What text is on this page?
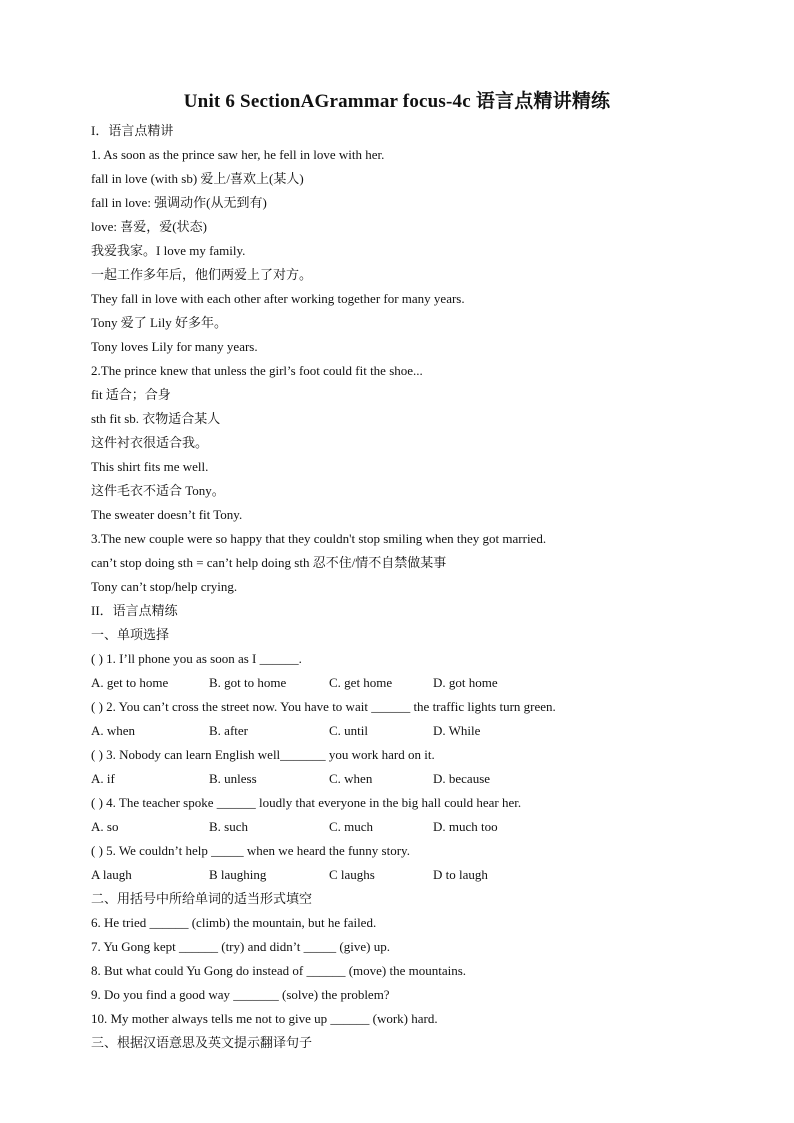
Unit 6 SectionAGrammar focus-4c 语言点精讲精练
I．语言点精讲
1. As soon as the prince saw her, he fell in love with her.
fall in love (with sb) 爱上/喜欢上(某人)
fall in love: 强调动作(从无到有)
love: 喜爱，爱(状态)
我爱我家。I love my family.
一起工作多年后，他们两爱上了对方。
They fall in love with each other after working together for many years.
Tony 爱了 Lily 好多年。
Tony loves Lily for many years.
2.The prince knew that unless the girl’s foot could fit the shoe...
fit 适合；合身
sth fit sb. 衣物适合某人
这件衬衣很适合我。
This shirt fits me well.
这件毛衣不适合 Tony。
The sweater doesn’t fit Tony.
3.The new couple were so happy that they couldn't stop smiling when they got married.
can’t stop doing sth = can’t help doing sth 忍不住/情不自禁做某事
Tony can’t stop/help crying.
II．语言点精练
一、单项选择
( ) 1. I’ll phone you as soon as I ______.
A. get to home	B. got to home	C. get home	D. got home
( ) 2. You can’t cross the street now. You have to wait ______ the traffic lights turn green.
A. when	B. after	C. until	D. While
( ) 3. Nobody can learn English well_______ you work hard on it.
A. if	B. unless	C. when	D. because
( ) 4. The teacher spoke ______ loudly that everyone in the big hall could hear her.
A. so	B. such	C. much	D. much too
( ) 5. We couldn’t help _____ when we heard the funny story.
A laugh	B laughing	C laughs	D to laugh
二、用括号中所给单词的适当形式填空
6. He tried ______ (climb) the mountain, but he failed.
7. Yu Gong kept ______ (try) and didn’t _____ (give) up.
8. But what could Yu Gong do instead of ______ (move) the mountains.
9. Do you find a good way _______ (solve) the problem?
10. My mother always tells me not to give up ______ (work) hard.
三、根据汉语意思及英文提示翻译句子
